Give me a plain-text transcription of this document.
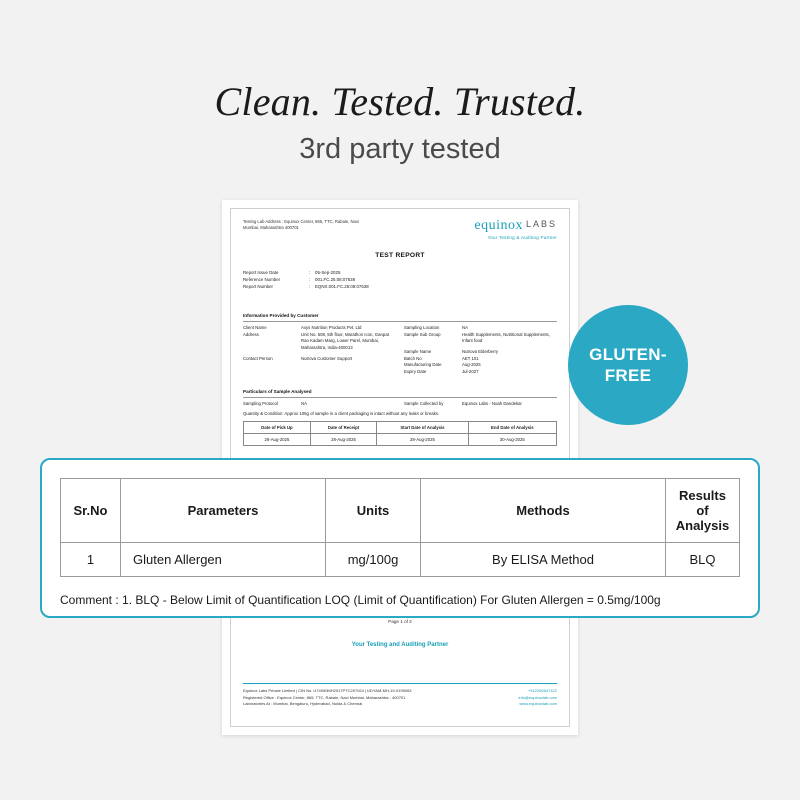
Clean. Tested. Trusted.
3rd party tested
Testing Lab Address : Equinox Center, 865, TTC, Rabale, Navi Mumbai, Maharashtra 400701	equinox LABS
Your Testing & Auditing Partner
TEST REPORT
Report Issue Date	: 05-Sep-2025
Reference Number	: 001.FC.25:08:07638
Report Number	: EQNX.001.FC.25:08:07638
Information Provided by Customer
Client Name	Axys Nutrition Products Pvt. Ltd
Address	Unit No. 508, 5th floor, Marathon Icon, Ganpat Rao Kadam Marg, Lower Parel, Mumbai, Maharashtra, India-400013
Contact Person	Nutrova Customer Support
Sampling Location	NA
Sample Sub Group	Health Supplements, Nutritional Supplements, Infant food
Sample Name	Nutrova Elderberry
Batch No	AET 101
Manufacturing Date	Aug-2025
Expiry Date	Jul-2027
Particulars of Sample Analysed
Sampling Protocol	NA	Sample Collected by	Equinox Labs - Noah Dandekar
Quantity & Condition: Approx 105g of sample in a client packaging is intact without any leaks or breaks.
Date of Pick Up	Date of Receipt	Start Date of Analysis	End Date of Analysis
26-Aug-2025	28-Aug-2025	28-Aug-2025	30-Aug-2025
Page 1 of 2
Your Testing and Auditing Partner
Equinox Labs Private Limited | CIN No. U74990MH2017PTC297024 | UDYAM-MH-19-0195063	+912250647422
Registered Office : Equinox Center, 865, TTC, Rabale, Navi Mumbai, Maharashtra - 400701	info@equinoxlab.com
Laboratories At : Mumbai, Bengaluru, Hyderabad, Noida & Chennai	www.equinoxlab.com
GLUTEN-
FREE
Sr.No	Parameters	Units	Methods	Results of Analysis
1	Gluten Allergen	mg/100g	By ELISA Method	BLQ
Comment : 1. BLQ - Below Limit of Quantification LOQ (Limit of Quantification) For Gluten Allergen = 0.5mg/100g
